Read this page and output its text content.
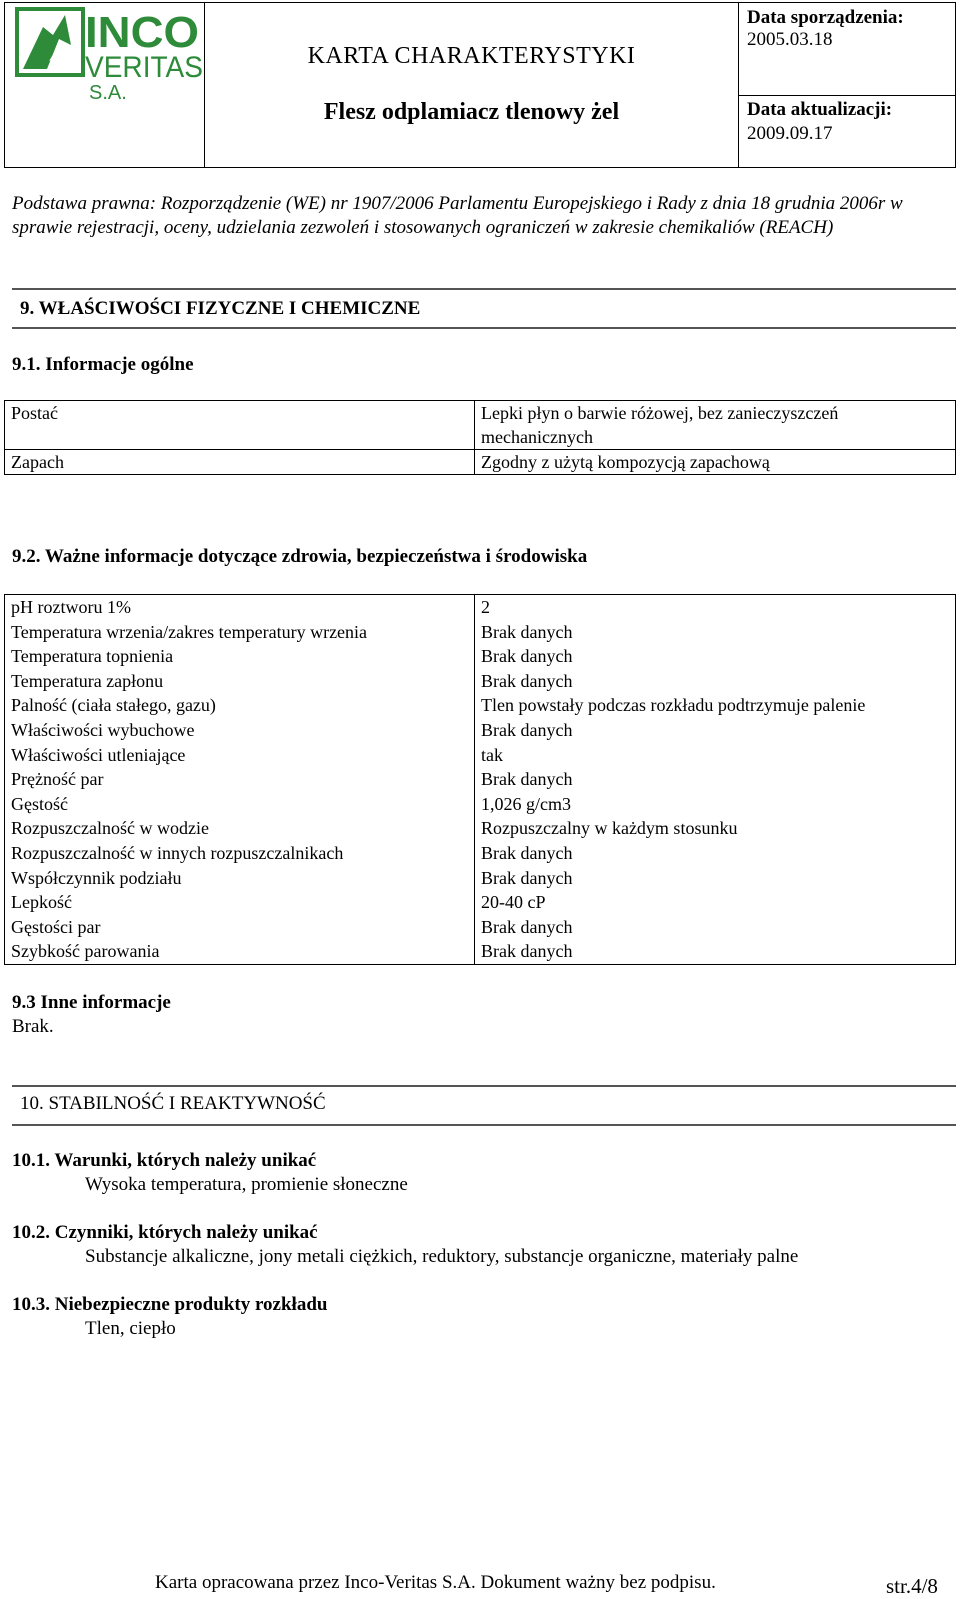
INCO
VERITAS
S.A.
KARTA CHARAKTERYSTYKI
Flesz odplamiacz tlenowy żel
Data sporządzenia:
2005.03.18
Data aktualizacji:
2009.09.17
Podstawa prawna: Rozporządzenie (WE) nr 1907/2006 Parlamentu Europejskiego i Rady z dnia 18 grudnia 2006r w sprawie rejestracji, oceny, udzielania zezwoleń i stosowanych ograniczeń w zakresie chemikaliów (REACH)
9. WŁAŚCIWOŚCI FIZYCZNE I CHEMICZNE
9.1. Informacje ogólne
Postać	Lepki płyn o barwie różowej, bez zanieczyszczeń mechanicznych
Zapach	Zgodny z użytą kompozycją zapachową
9.2. Ważne informacje dotyczące zdrowia, bezpieczeństwa i środowiska
pH roztworu 1%	2
Temperatura wrzenia/zakres temperatury wrzenia	Brak danych
Temperatura topnienia	Brak danych
Temperatura zapłonu	Brak danych
Palność (ciała stałego, gazu)	Tlen powstały podczas rozkładu podtrzymuje palenie
Właściwości wybuchowe	Brak danych
Właściwości utleniające	tak
Prężność par	Brak danych
Gęstość	1,026 g/cm3
Rozpuszczalność w wodzie	Rozpuszczalny w każdym stosunku
Rozpuszczalność w innych rozpuszczalnikach	Brak danych
Współczynnik podziału	Brak danych
Lepkość	20-40 cP
Gęstości par	Brak danych
Szybkość parowania	Brak danych
9.3 Inne informacje
Brak.
10. STABILNOŚĆ I REAKTYWNOŚĆ
10.1. Warunki, których należy unikać
Wysoka temperatura, promienie słoneczne
10.2. Czynniki, których należy unikać
Substancje alkaliczne, jony metali ciężkich, reduktory, substancje organiczne, materiały palne
10.3. Niebezpieczne produkty rozkładu
Tlen, ciepło
Karta opracowana przez Inco-Veritas S.A. Dokument ważny bez podpisu.	str.4/8
